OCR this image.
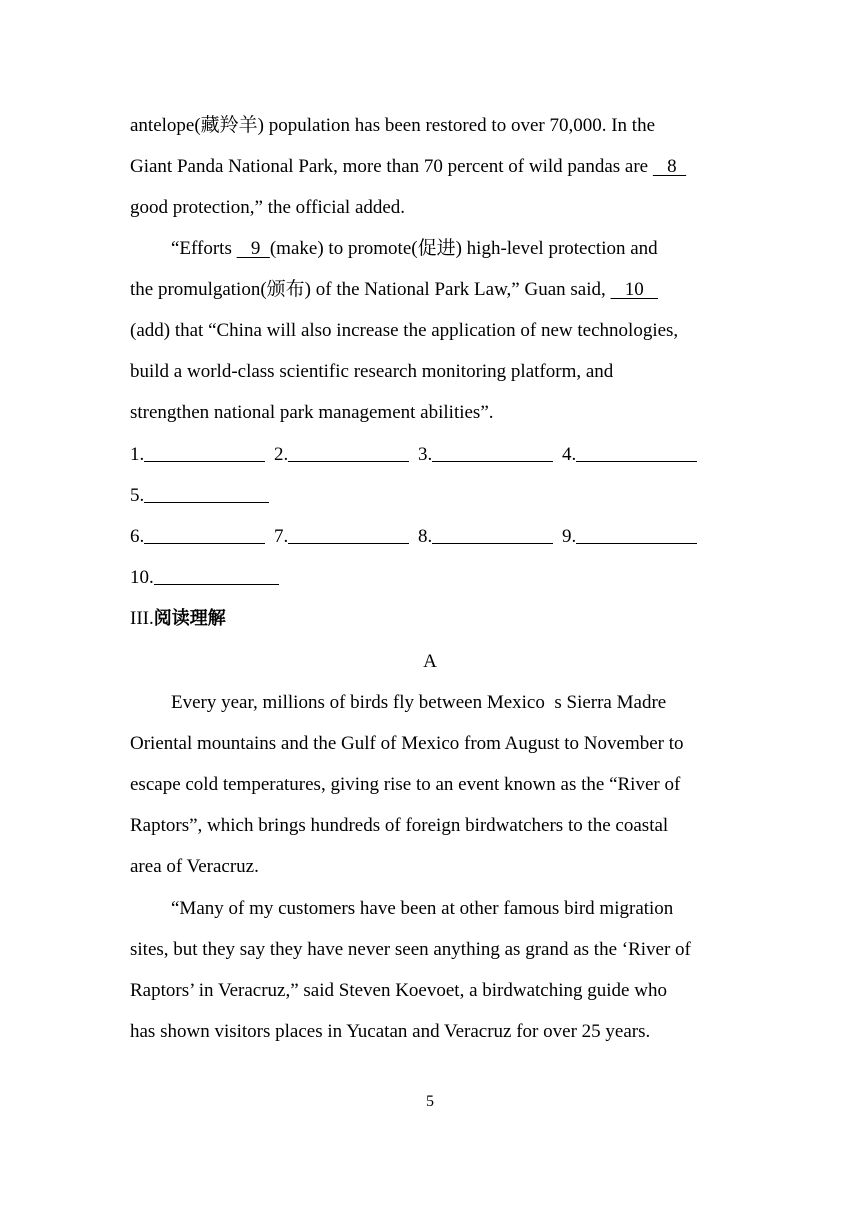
antelope(藏羚羊) population has been restored to over 70,000. In the
Giant Panda National Park, more than 70 percent of wild pandas are    8
good protection,” the official added.
“Efforts    9  (make) to promote(促进) high-level protection and
the promulgation(颁布) of the National Park Law,” Guan said,    10
(add) that “China will also increase the application of new technologies,
build a world-class scientific research monitoring platform, and
strengthen national park management abilities”.
1.	2.	3.	4.
5.
6.	7.	8.	9.
10.
III.阅读理解
A
Every year, millions of birds fly between Mexico  s Sierra Madre
Oriental mountains and the Gulf of Mexico from August to November to
escape cold temperatures, giving rise to an event known as the “River of
Raptors”, which brings hundreds of foreign birdwatchers to the coastal
area of Veracruz.
“Many of my customers have been at other famous bird migration
sites, but they say they have never seen anything as grand as the ‘River of
Raptors’ in Veracruz,” said Steven Koevoet, a birdwatching guide who
has shown visitors places in Yucatan and Veracruz for over 25 years.
5
